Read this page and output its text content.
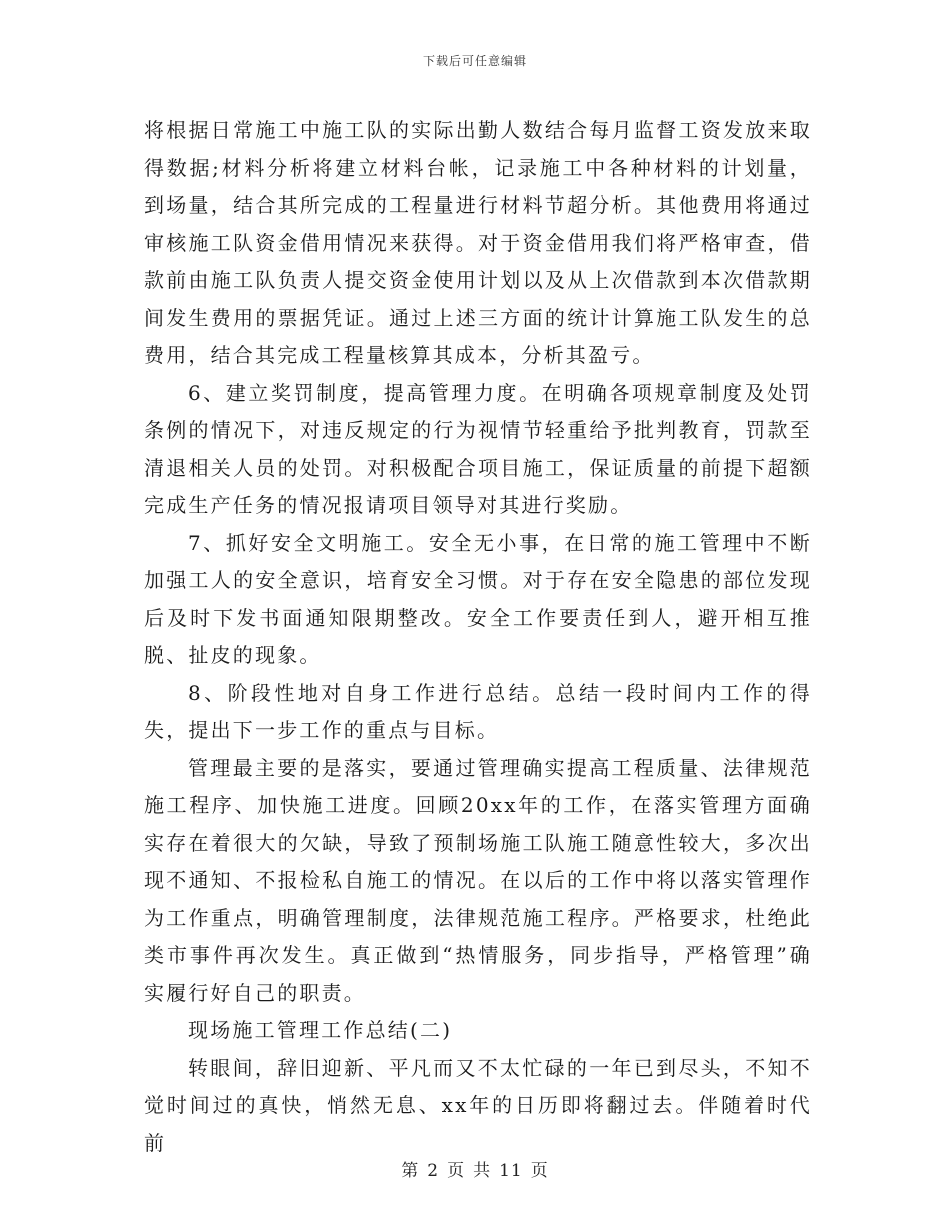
下载后可任意编辑

将根据日常施工中施工队的实际出勤人数结合每月监督工资发放来取得数据;材料分析将建立材料台帐，记录施工中各种材料的计划量，到场量，结合其所完成的工程量进行材料节超分析。其他费用将通过审核施工队资金借用情况来获得。对于资金借用我们将严格审查，借款前由施工队负责人提交资金使用计划以及从上次借款到本次借款期间发生费用的票据凭证。通过上述三方面的统计计算施工队发生的总费用，结合其完成工程量核算其成本，分析其盈亏。

6、建立奖罚制度，提高管理力度。在明确各项规章制度及处罚条例的情况下，对违反规定的行为视情节轻重给予批判教育，罚款至清退相关人员的处罚。对积极配合项目施工，保证质量的前提下超额完成生产任务的情况报请项目领导对其进行奖励。

7、抓好安全文明施工。安全无小事，在日常的施工管理中不断加强工人的安全意识，培育安全习惯。对于存在安全隐患的部位发现后及时下发书面通知限期整改。安全工作要责任到人，避开相互推脱、扯皮的现象。

8、阶段性地对自身工作进行总结。总结一段时间内工作的得失，提出下一步工作的重点与目标。

管理最主要的是落实，要通过管理确实提高工程质量、法律规范施工程序、加快施工进度。回顾20xx年的工作，在落实管理方面确实存在着很大的欠缺，导致了预制场施工队施工随意性较大，多次出现不通知、不报检私自施工的情况。在以后的工作中将以落实管理作为工作重点，明确管理制度，法律规范施工程序。严格要求，杜绝此类市事件再次发生。真正做到“热情服务，同步指导，严格管理”确实履行好自己的职责。

现场施工管理工作总结(二)

转眼间，辞旧迎新、平凡而又不太忙碌的一年已到尽头，不知不觉时间过的真快，悄然无息、xx年的日历即将翻过去。伴随着时代前

第 2 页 共 11 页
